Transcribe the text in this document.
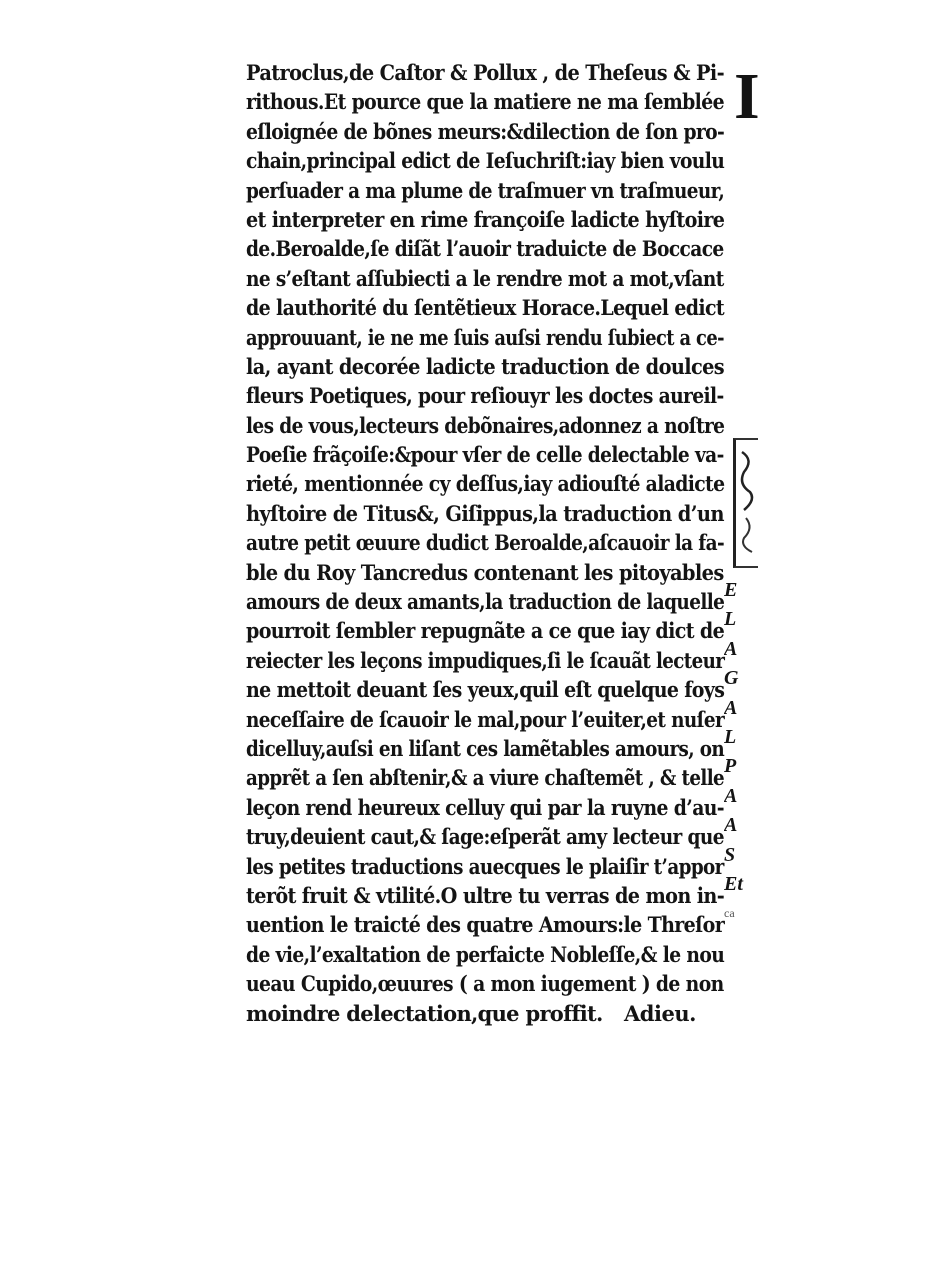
I
Patroclus,de Caſtor & Pollux , de Theſeus & Pi-
rithous.Et pource que la matiere ne ma ſemblée
eſloignée de bõnes meurs:&dilection de ſon pro-
chain,principal edict de Ieſuchriſt:iay bien voulu
perſuader a ma plume de traſmuer vn traſmueur,
et interpreter en rime françoiſe ladicte hyſtoire
de.Beroalde,ſe diſãt l’auoir traduicte de Boccace
ne s’eſtant aſſubiecti a le rendre mot a mot,vſant
de lauthorité du ſentẽtieux Horace.Lequel edict
approuuant, ie ne me ſuis auſsi rendu ſubiect a ce-
la, ayant decorée ladicte traduction de doulces
fleurs Poetiques, pour reſiouyr les doctes aureil-
les de vous,lecteurs debõnaires,adonnez a noſtre
Poeſie frãçoiſe:&pour vſer de celle delectable va-
rieté, mentionnée cy deſſus,iay adiouſté aladicte
hyſtoire de Titus&, Giſippus,la traduction d’un
autre petit œuure dudict Beroalde,aſcauoir la fa-
ble du Roy Tancredus contenant les pitoyables
amours de deux amants,la traduction de laquelle
pourroit ſembler repugnãte a ce que iay dict de
reiecter les leçons impudiques,ſi le ſcauãt lecteur
ne mettoit deuant ſes yeux,quil eſt quelque foys
neceſſaire de ſcauoir le mal,pour l’euiter,et nuſer
dicelluy,auſsi en liſant ces lamẽtables amours, on
apprẽt a ſen abſtenir,& a viure chaſtemẽt , & telle
leçon rend heureux celluy qui par la ruyne d’au-
truy,deuient caut,& ſage:eſperãt amy lecteur que
les petites traductions auecques le plaiſir t’appor
terõt fruit & vtilité.O ultre tu verras de mon in-
uention le traicté des quatre Amours:le Threſor
de vie,l’exaltation de perfaicte Nobleſſe,& le nou
ueau Cupido,œuures ( a mon iugement ) de non
moindre delectation,que proffit. Adieu.
E
L
A
G
A
L
P
A
A
S
Et
ca
